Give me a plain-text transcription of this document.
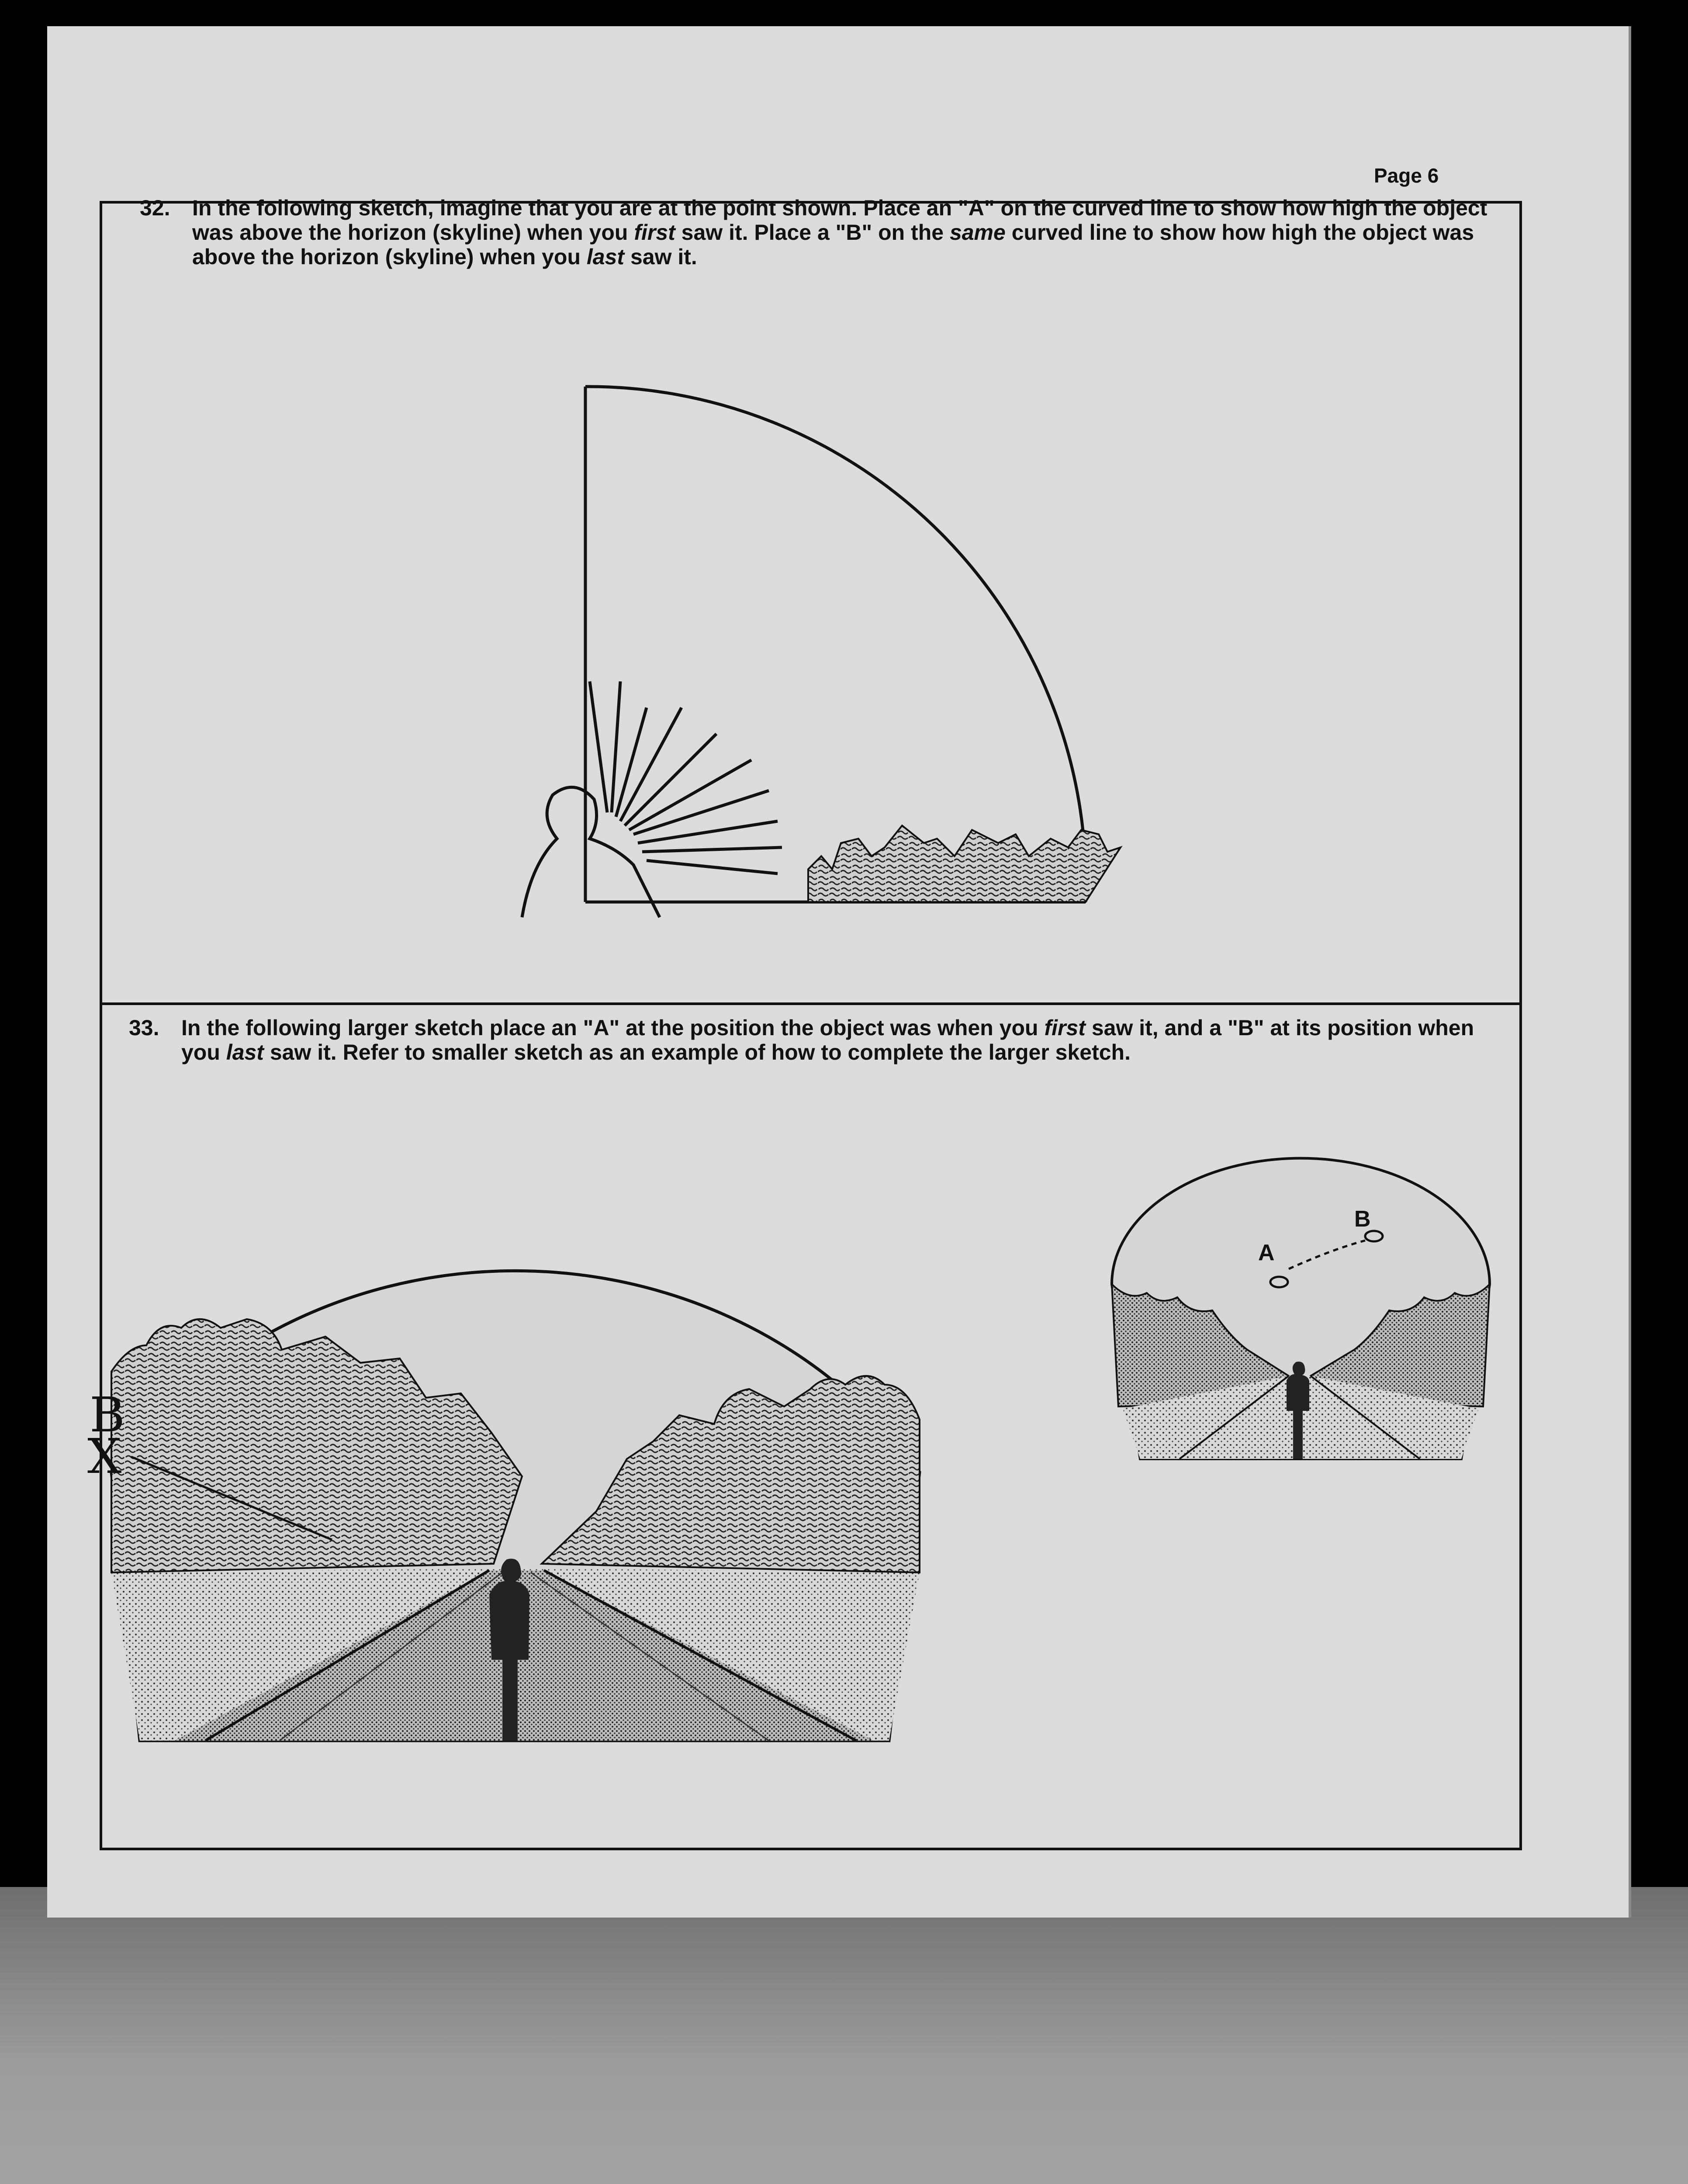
Page 6
32. In the following sketch, imagine that you are at the point shown. Place an "A" on the curved line to show how high the object was above the horizon (skyline) when you first saw it. Place a "B" on the same curved line to show how high the object was above the horizon (skyline) when you last saw it.
33. In the following larger sketch place an "A" at the position the object was when you first saw it, and a "B" at its position when you last saw it. Refer to smaller sketch as an example of how to complete the larger sketch.
A
B
B
X
